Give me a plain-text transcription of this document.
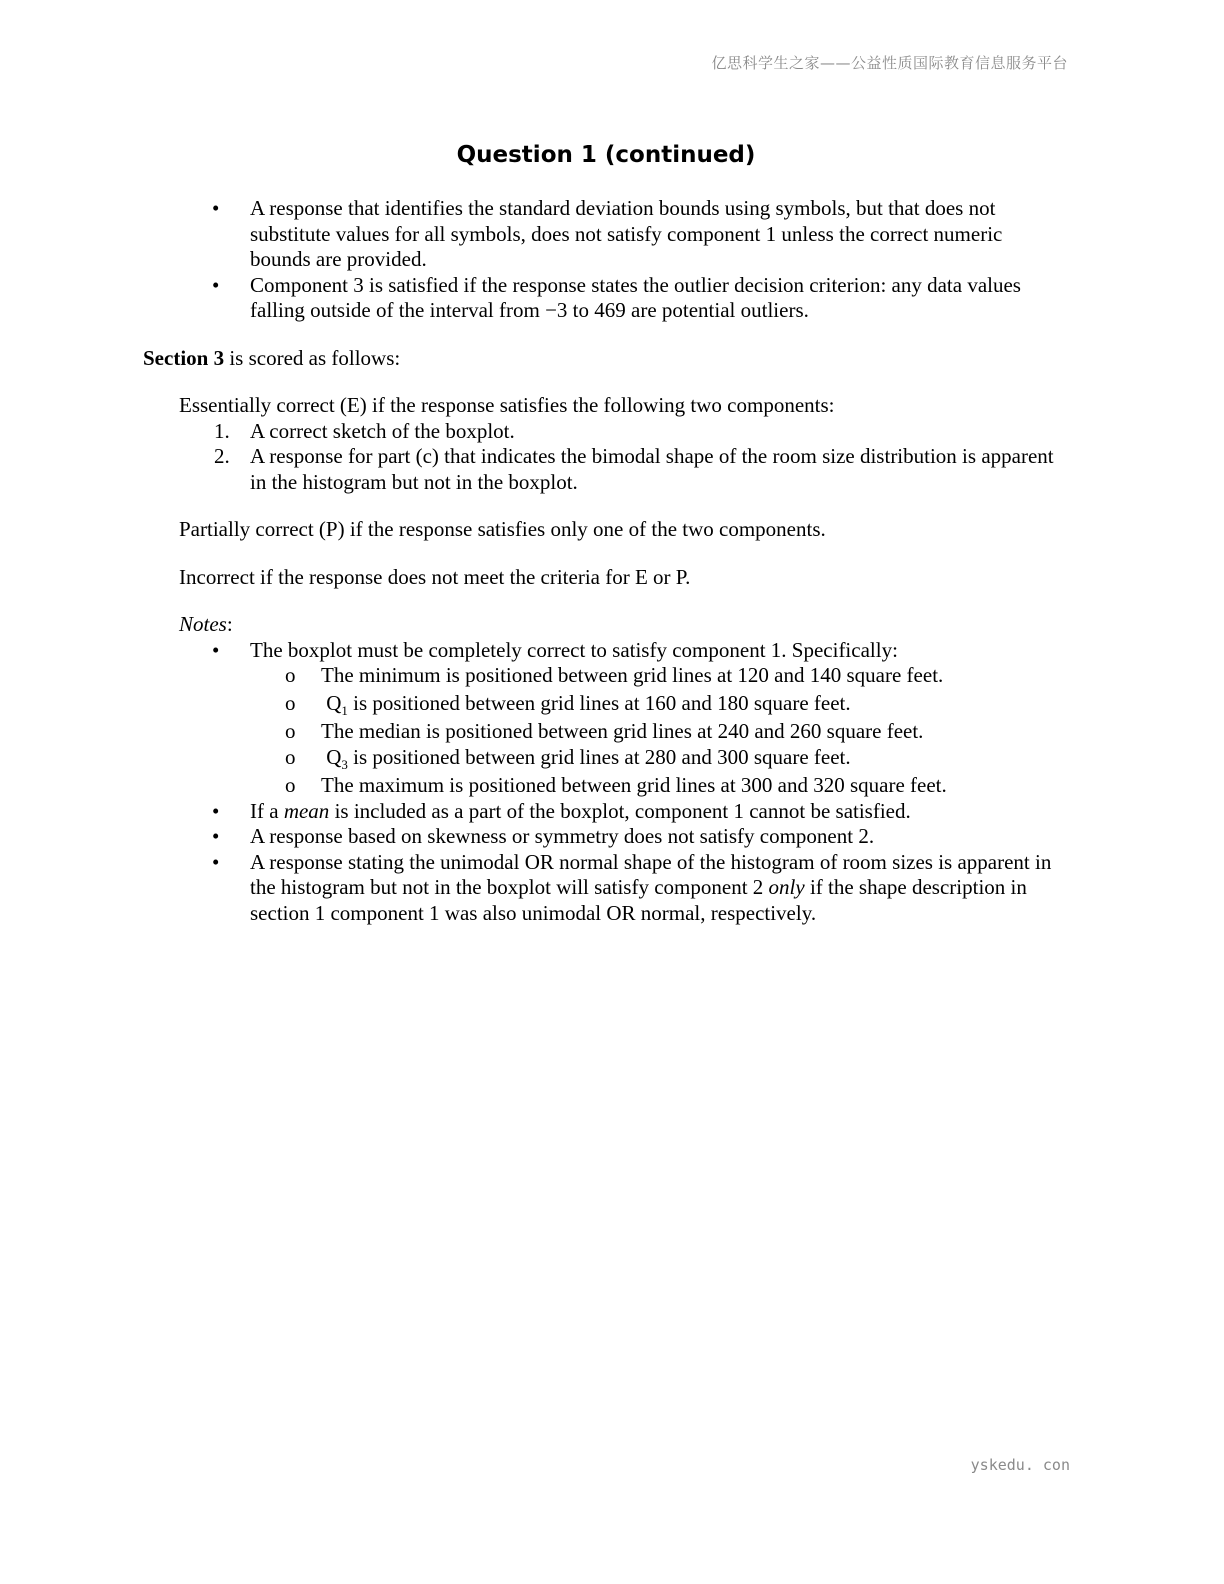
亿思科学生之家——公益性质国际教育信息服务平台
Question 1 (continued)
• A response that identifies the standard deviation bounds using symbols, but that does not substitute values for all symbols, does not satisfy component 1 unless the correct numeric bounds are provided.
• Component 3 is satisfied if the response states the outlier decision criterion: any data values falling outside of the interval from −3 to 469 are potential outliers.
Section 3 is scored as follows:
Essentially correct (E) if the response satisfies the following two components:
1. A correct sketch of the boxplot.
2. A response for part (c) that indicates the bimodal shape of the room size distribution is apparent in the histogram but not in the boxplot.
Partially correct (P) if the response satisfies only one of the two components.
Incorrect if the response does not meet the criteria for E or P.
Notes:
• The boxplot must be completely correct to satisfy component 1. Specifically:
o The minimum is positioned between grid lines at 120 and 140 square feet.
o $Q_1$ is positioned between grid lines at 160 and 180 square feet.
o The median is positioned between grid lines at 240 and 260 square feet.
o $Q_3$ is positioned between grid lines at 280 and 300 square feet.
o The maximum is positioned between grid lines at 300 and 320 square feet.
• If a mean is included as a part of the boxplot, component 1 cannot be satisfied.
• A response based on skewness or symmetry does not satisfy component 2.
• A response stating the unimodal OR normal shape of the histogram of room sizes is apparent in the histogram but not in the boxplot will satisfy component 2 only if the shape description in section 1 component 1 was also unimodal OR normal, respectively.
yskedu. con
